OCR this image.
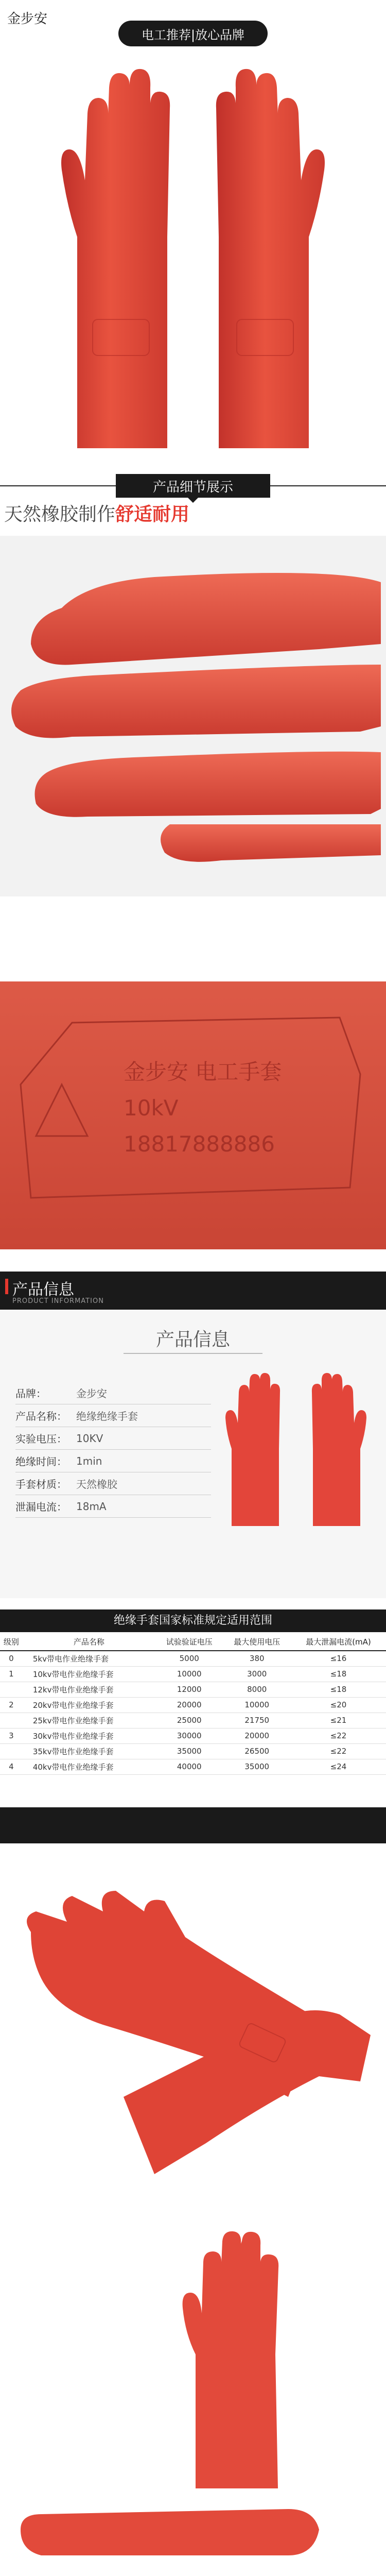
金步安
电工推荐|放心品牌
产品细节展示
天然橡胶制作舒适耐用
金步安 电工手套
10kV
18817888886
产品信息
PRODUCT INFORMATION
产品信息
品牌：	金步安
产品名称： 绝缘绝缘手套
实验电压： 10KV
绝缘时间： 1min
手套材质： 天然橡胶
泄漏电流： 18mA
绝缘手套国家标准规定适用范围
级别	产品名称	试验验证电压	最大使用电压	最大泄漏电流(mA)
0	5kv带电作业绝缘手套	5000	380	≤16
1	10kv带电作业绝缘手套	10000	3000	≤18
	12kv带电作业绝缘手套	12000	8000	≤18
2	20kv带电作业绝缘手套	20000	10000	≤20
	25kv带电作业绝缘手套	25000	21750	≤21
3	30kv带电作业绝缘手套	30000	20000	≤22
	35kv带电作业绝缘手套	35000	26500	≤22
4	40kv带电作业绝缘手套	40000	35000	≤24
